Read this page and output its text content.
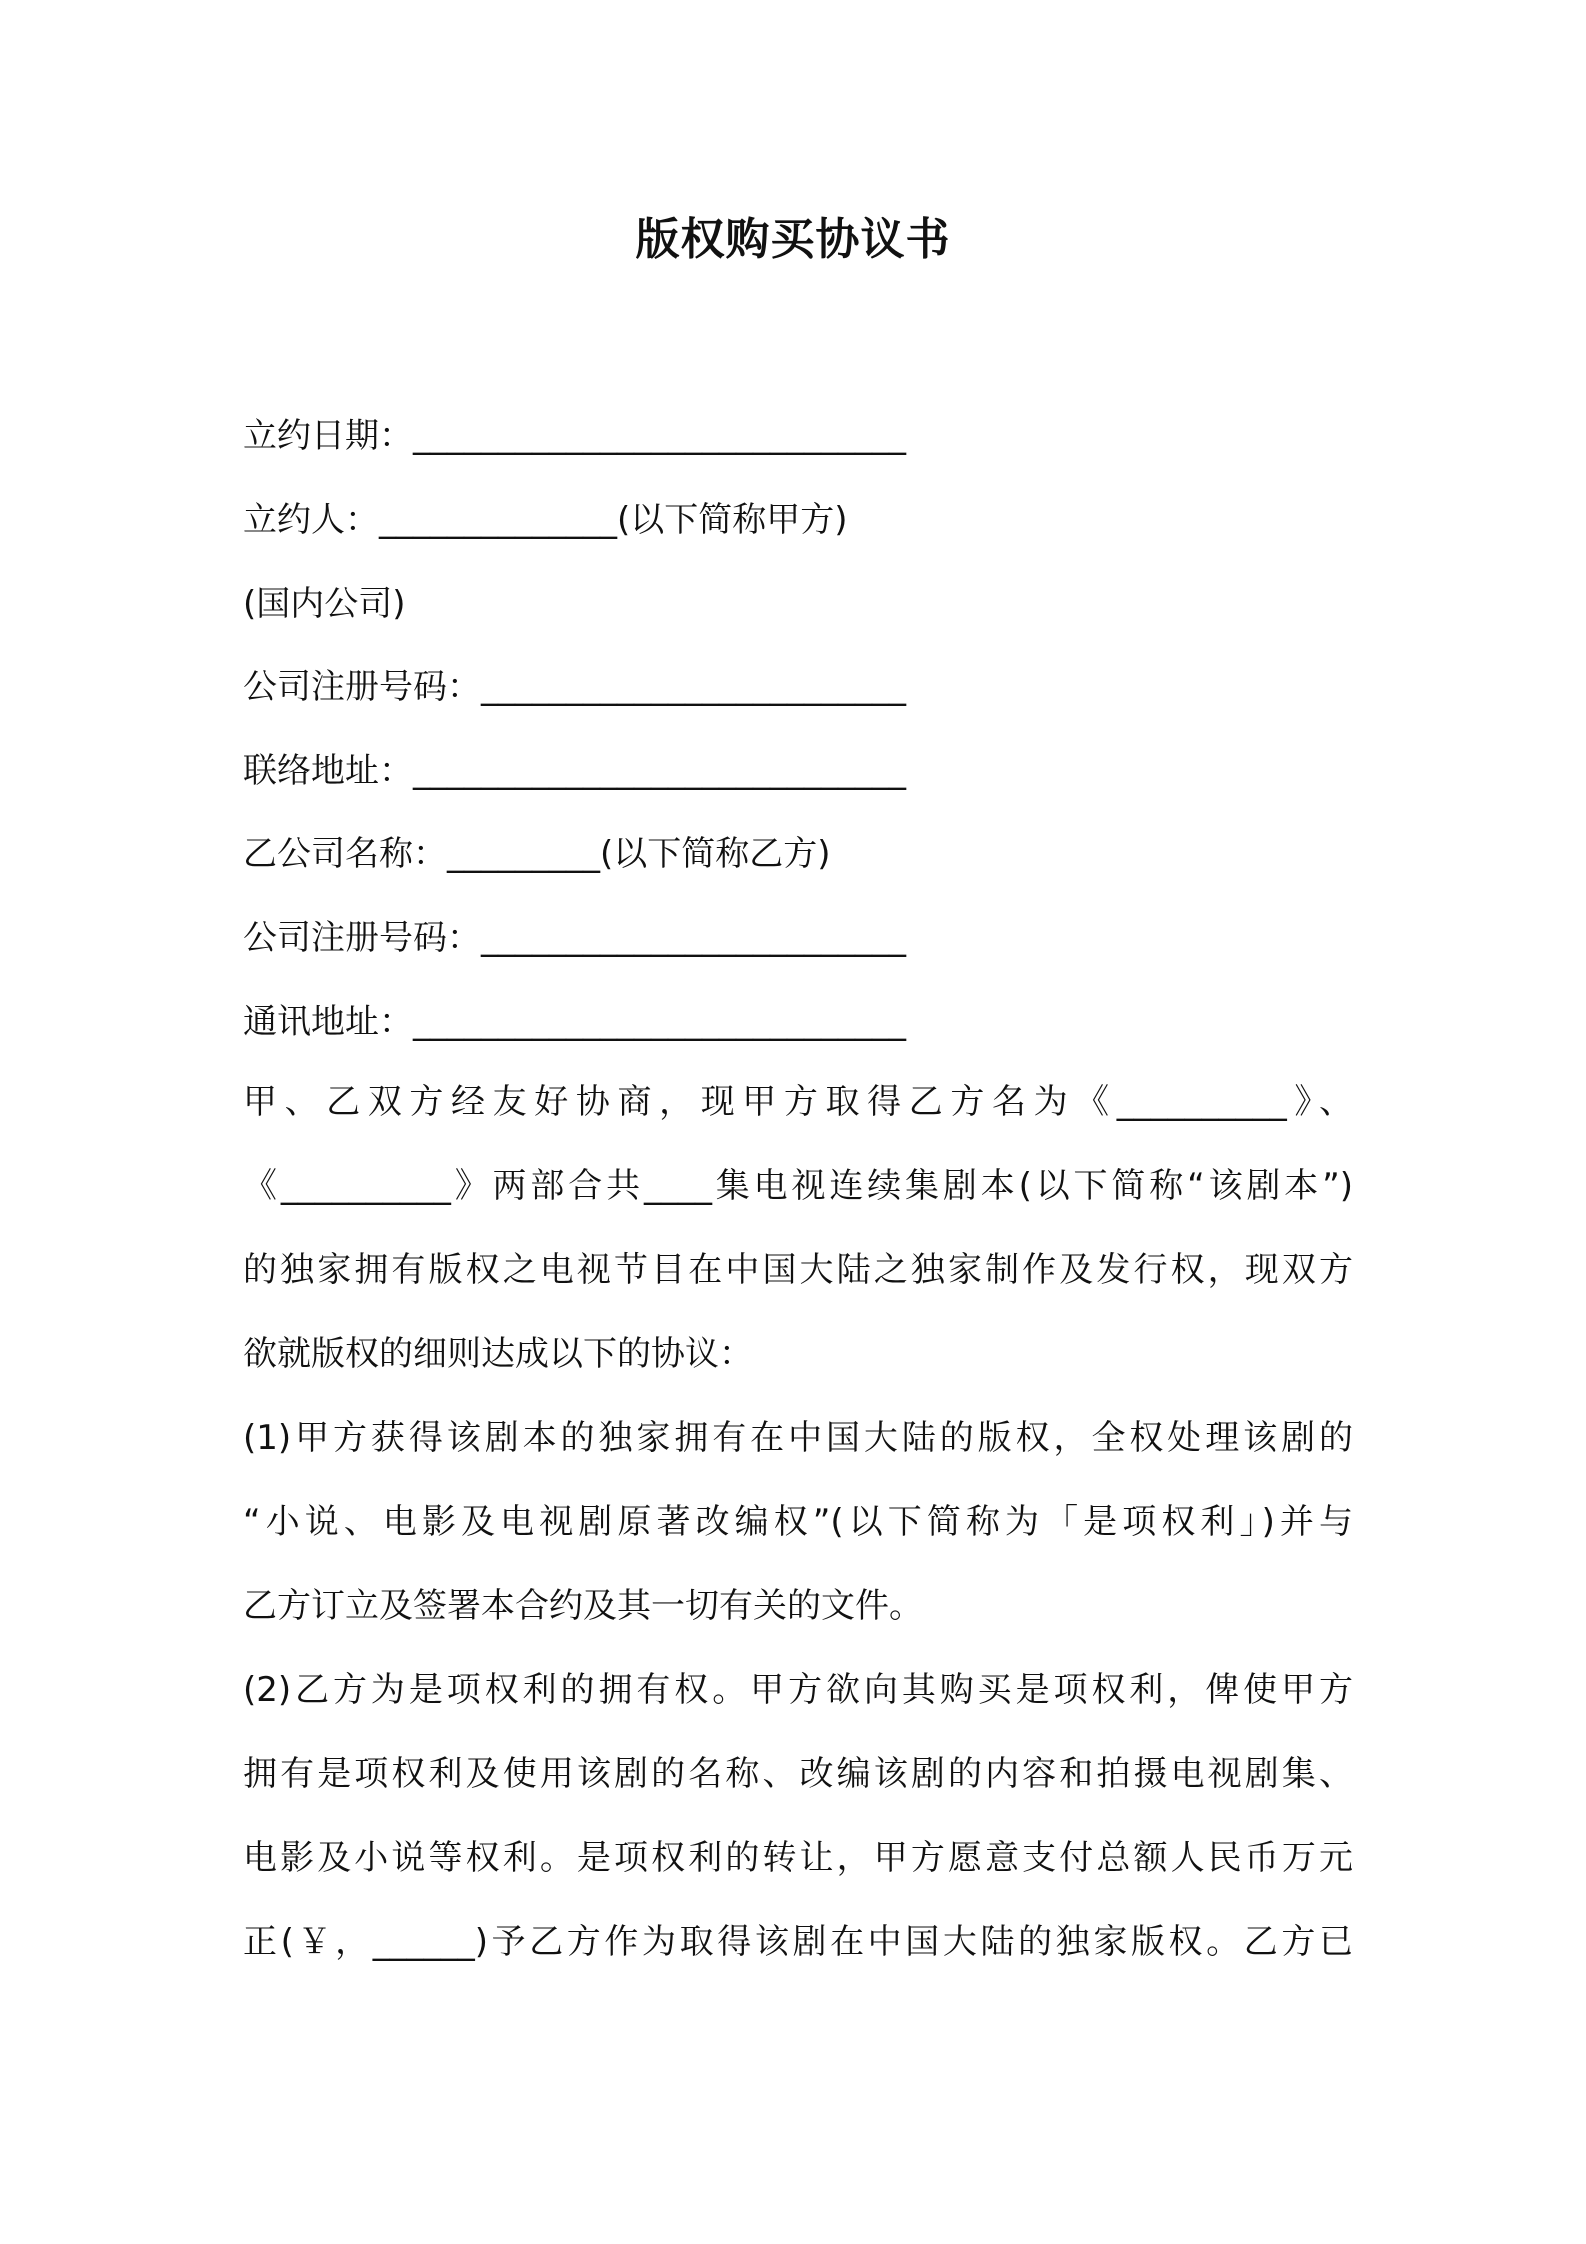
版权购买协议书
立约日期：_____________________________
立约人：______________(以下简称甲方)
(国内公司)
公司注册号码：_________________________
联络地址：_____________________________
乙公司名称：_________(以下简称乙方)
公司注册号码：_________________________
通讯地址：_____________________________
甲、乙双方经友好协商，现甲方取得乙方名为《__________》、
《__________》两部合共____集电视连续集剧本(以下简称“该剧本”)
的独家拥有版权之电视节目在中国大陆之独家制作及发行权，现双方
欲就版权的细则达成以下的协议：
(1)甲方获得该剧本的独家拥有在中国大陆的版权，全权处理该剧的
“小说、电影及电视剧原著改编权”(以下简称为「是项权利」)并与
乙方订立及签署本合约及其一切有关的文件。
(2)乙方为是项权利的拥有权。甲方欲向其购买是项权利，俾使甲方
拥有是项权利及使用该剧的名称、改编该剧的内容和拍摄电视剧集、
电影及小说等权利。是项权利的转让，甲方愿意支付总额人民币万元
正(￥，______)予乙方作为取得该剧在中国大陆的独家版权。乙方已
